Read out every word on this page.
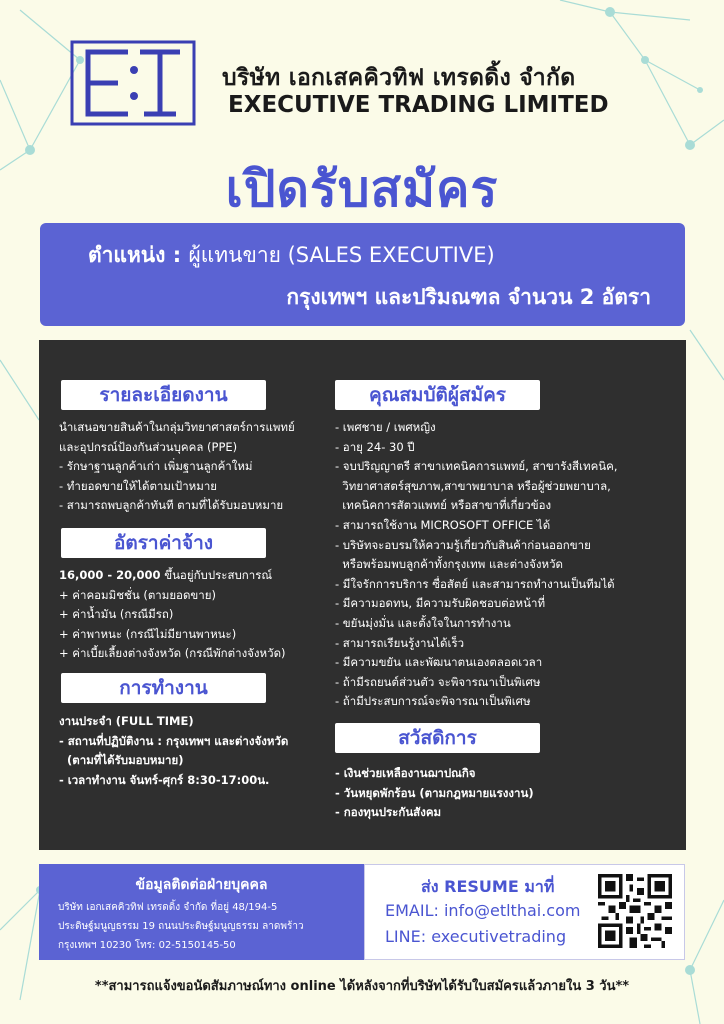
บริษัท เอกเสคคิวทิฟ เทรดดิ้ง จำกัด
EXECUTIVE TRADING LIMITED
เปิดรับสมัคร
ตำแหน่ง : ผู้แทนขาย (SALES EXECUTIVE)
กรุงเทพฯ และปริมณฑล จำนวน 2 อัตรา
รายละเอียดงาน
นำเสนอขายสินค้าในกลุ่มวิทยาศาสตร์การแพทย์
และอุปกรณ์ป้องกันส่วนบุคคล (PPE)
- รักษาฐานลูกค้าเก่า เพิ่มฐานลูกค้าใหม่
- ทำยอดขายให้ได้ตามเป้าหมาย
- สามารถพบลูกค้าทันที ตามที่ได้รับมอบหมาย
อัตราค่าจ้าง
16,000 - 20,000 ขึ้นอยู่กับประสบการณ์
+ ค่าคอมมิชชั่น (ตามยอดขาย)
+ ค่าน้ำมัน (กรณีมีรถ)
+ ค่าพาหนะ (กรณีไม่มียานพาหนะ)
+ ค่าเบี้ยเลี้ยงต่างจังหวัด (กรณีพักต่างจังหวัด)
การทำงาน
งานประจำ (FULL TIME)
- สถานที่ปฏิบัติงาน : กรุงเทพฯ และต่างจังหวัด
(ตามที่ได้รับมอบหมาย)
- เวลาทำงาน จันทร์-ศุกร์ 8:30-17:00น.
คุณสมบัติผู้สมัคร
- เพศชาย / เพศหญิง
- อายุ 24- 30 ปี
- จบปริญญาตรี สาขาเทคนิคการแพทย์, สาขารังสีเทคนิค,
วิทยาศาสตร์สุขภาพ,สาขาพยาบาล หรือผู้ช่วยพยาบาล,
เทคนิคการสัตวแพทย์ หรือสาขาที่เกี่ยวข้อง
- สามารถใช้งาน MICROSOFT OFFICE ได้
- บริษัทจะอบรมให้ความรู้เกี่ยวกับสินค้าก่อนออกขาย
หรือพร้อมพบลูกค้าทั้งกรุงเทพ และต่างจังหวัด
- มีใจรักการบริการ ซื่อสัตย์ และสามารถทำงานเป็นทีมได้
- มีความอดทน, มีความรับผิดชอบต่อหน้าที่
- ขยันมุ่งมั่น และตั้งใจในการทำงาน
- สามารถเรียนรู้งานได้เร็ว
- มีความขยัน และพัฒนาตนเองตลอดเวลา
- ถ้ามีรถยนต์ส่วนตัว จะพิจารณาเป็นพิเศษ
- ถ้ามีประสบการณ์จะพิจารณาเป็นพิเศษ
สวัสดิการ
- เงินช่วยเหลืองานฌาปณกิจ
- วันหยุดพักร้อน (ตามกฎหมายแรงงาน)
- กองทุนประกันสังคม
ข้อมูลติดต่อฝ่ายบุคคล
บริษัท เอกเสคคิวทิฟ เทรดดิ้ง จำกัด ที่อยู่ 48/194-5
ประดิษฐ์มนูญธรรม 19 ถนนประดิษฐ์มนูญธรรม ลาดพร้าว
กรุงเทพฯ 10230 โทร: 02-5150145-50
ส่ง RESUME มาที่
EMAIL: info@etlthai.com
LINE: executivetrading
**สามารถแจ้งขอนัดสัมภาษณ์ทาง online ได้หลังจากที่บริษัทได้รับใบสมัครแล้วภายใน 3 วัน**
